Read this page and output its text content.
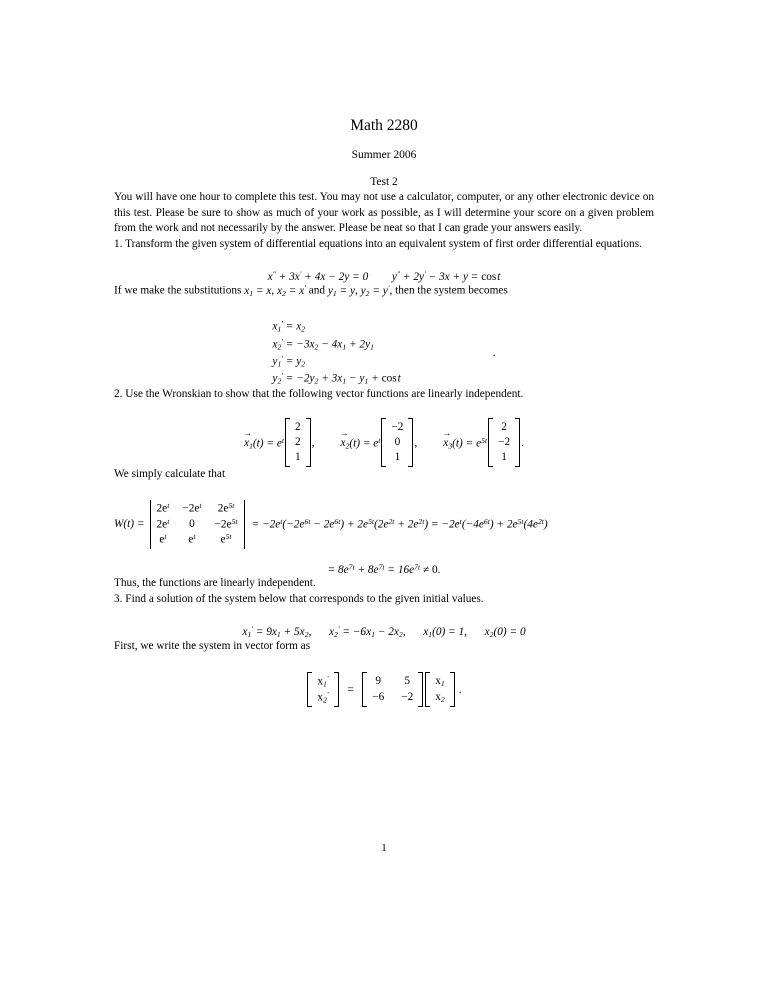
Math 2280
Summer 2006
Test 2

You will have one hour to complete this test. You may not use a calculator, computer, or any other electronic device on this test. Please be sure to show as much of your work as possible, as I will determine your score on a given problem from the work and not necessarily by the answer. Please be neat so that I can grade your answers easily.

1. Transform the given system of differential equations into an equivalent system of first order differential equations.

x″ + 3x′ + 4x − 2y = 0 y″ + 2y′ − 3x + y = cos t

If we make the substitutions $x_1 = x$, $x_2 = x'$ and $y_1 = y$, $y_2 = y'$, then the system becomes

$x_1' = x_2$
$x_2' = -3x_2 - 4x_1 + 2y_1$
$y_1' = y_2$
$y_2' = -2y_2 + 3x_1 - y_1 + \cos$ t
.

2. Use the Wronskian to show that the following vector functions are linearly independent.

→
x $_1(t) = e^t$
2
2
1
,
→
x $_2(t) = e^t$
−2
0
1
,
→
x $_3(t) = e^{5t}$
2
−2
1
.

We simply calculate that

W(t) =
$2e^t -2e^t$ $2e^{5t}$
$2e^t$	0	$-2e^{5t}$
$e^t$	$e^t$	$e^{5t}$
= $-2e^t(-2e^{6t} - 2e^{6t}) + 2e^{5t}(2e^{2t} + 2e^{2t}) = -2e^t(-4e^{6t}) + 2e^{5t}(4e^{2t})$
= $8e^{7t} + 8e^{7t} = 16e^{7t} \ne 0$.

Thus, the functions are linearly independent.

3. Find a solution of the system below that corresponds to the given initial values.

$x_1' = 9x_1 + 5x_2$, $x_2' = -6x_1 - 2x_2$, $x_1(0) = 1$, $x_2(0) = 0$

First, we write the system in vector form as

$x_1'$
$x_2'$ =
9 5
−6 −2
$x_1$
$x_2$
.
1
